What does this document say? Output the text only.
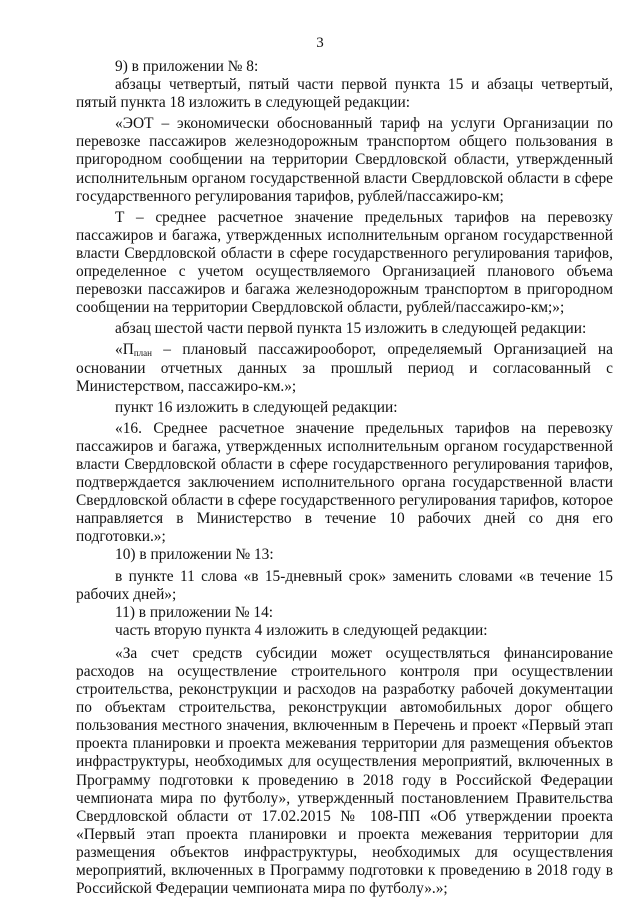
3

9) в приложении № 8:

абзацы четвертый, пятый части первой пункта 15 и абзацы четвертый, пятый пункта 18 изложить в следующей редакции:

«ЭОТ – экономически обоснованный тариф на услуги Организации по перевозке пассажиров железнодорожным транспортом общего пользования в пригородном сообщении на территории Свердловской области, утвержденный исполнительным органом государственной власти Свердловской области в сфере государственного регулирования тарифов, рублей/пассажиро-км;

Т – среднее расчетное значение предельных тарифов на перевозку пассажиров и багажа, утвержденных исполнительным органом государственной власти Свердловской области в сфере государственного регулирования тарифов, определенное с учетом осуществляемого Организацией планового объема перевозки пассажиров и багажа железнодорожным транспортом в пригородном сообщении на территории Свердловской области, рублей/пассажиро-км;»;

абзац шестой части первой пункта 15 изложить в следующей редакции:

«$П_{план}$ – плановый пассажирооборот, определяемый Организацией на основании отчетных данных за прошлый период и согласованный с Министерством, пассажиро-км.»;

пункт 16 изложить в следующей редакции:

«16. Среднее расчетное значение предельных тарифов на перевозку пассажиров и багажа, утвержденных исполнительным органом государственной власти Свердловской области в сфере государственного регулирования тарифов, подтверждается заключением исполнительного органа государственной власти Свердловской области в сфере государственного регулирования тарифов, которое направляется в Министерство в течение 10 рабочих дней со дня его подготовки.»;

10) в приложении № 13:

в пункте 11 слова «в 15-дневный срок» заменить словами «в течение 15 рабочих дней»;

11) в приложении № 14:

часть вторую пункта 4 изложить в следующей редакции:

«За счет средств субсидии может осуществляться финансирование расходов на осуществление строительного контроля при осуществлении строительства, реконструкции и расходов на разработку рабочей документации по объектам строительства, реконструкции автомобильных дорог общего пользования местного значения, включенным в Перечень и проект «Первый этап проекта планировки и проекта межевания территории для размещения объектов инфраструктуры, необходимых для осуществления мероприятий, включенных в Программу подготовки к проведению в 2018 году в Российской Федерации чемпионата мира по футболу», утвержденный постановлением Правительства Свердловской области от 17.02.2015 № 108-ПП «Об утверждении проекта «Первый этап проекта планировки и проекта межевания территории для размещения объектов инфраструктуры, необходимых для осуществления мероприятий, включенных в Программу подготовки к проведению в 2018 году в Российской Федерации чемпионата мира по футболу».»;
